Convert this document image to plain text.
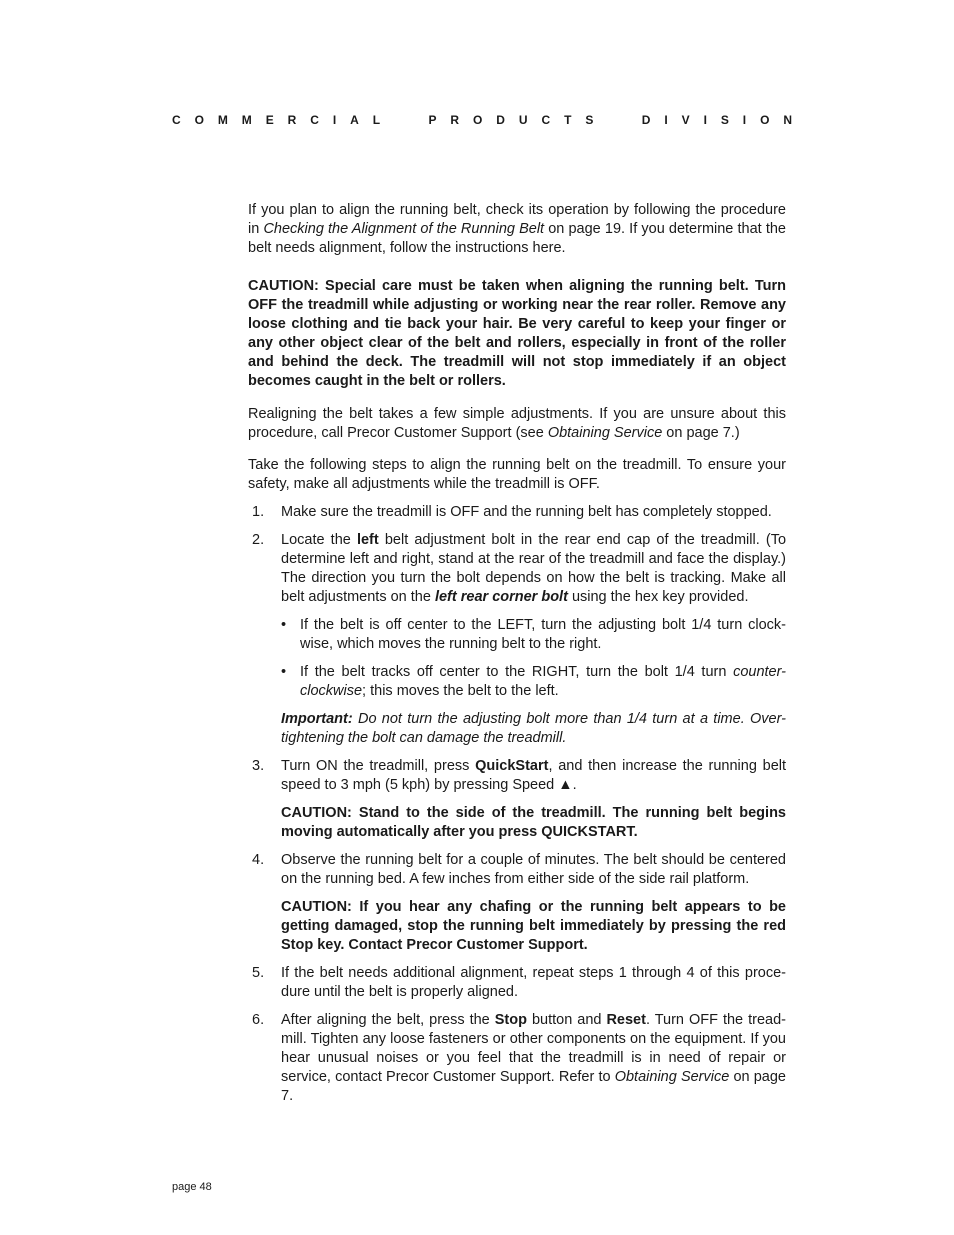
C O M M E R C I A L

	P R O D U C T S

	D I V I S I O N

If you plan to align the running belt, check its operation by following the procedure in Checking the Alignment of the Running Belt on page 19. If you determine that the belt needs alignment, follow the instructions here.

CAUTION: Special care must be taken when aligning the running belt. Turn OFF the treadmill while adjusting or working near the rear roller. Remove any loose clothing and tie back your hair. Be very careful to keep your finger or any other object clear of the belt and rollers, especially in front of the roller and behind the deck. The treadmill will not stop immediately if an object becomes caught in the belt or rollers.

Realigning the belt takes a few simple adjustments. If you are unsure about this procedure, call Precor Customer Support (see Obtaining Service on page 7.)

Take the following steps to align the running belt on the treadmill. To ensure your safety, make all adjustments while the treadmill is OFF.

1. Make sure the treadmill is OFF and the running belt has completely stopped.

2. Locate the left belt adjustment bolt in the rear end cap of the treadmill. (To determine left and right, stand at the rear of the treadmill and face the display.) The direction you turn the bolt depends on how the belt is tracking. Make all belt adjustments on the left rear corner bolt using the hex key provided.

• If the belt is off center to the LEFT, turn the adjusting bolt 1/4 turn clock-wise, which moves the running belt to the right.

• If the belt tracks off center to the RIGHT, turn the bolt 1/4 turn counter-clockwise; this moves the belt to the left.

Important: Do not turn the adjusting bolt more than 1/4 turn at a time. Over-tightening the bolt can damage the treadmill.

3. Turn ON the treadmill, press QuickStart, and then increase the running belt speed to 3 mph (5 kph) by pressing Speed ▲.

CAUTION: Stand to the side of the treadmill. The running belt begins moving automatically after you press QUICKSTART.

4. Observe the running belt for a couple of minutes. The belt should be centered on the running bed. A few inches from either side of the side rail platform.

CAUTION: If you hear any chafing or the running belt appears to be getting damaged, stop the running belt immediately by pressing the red Stop key. Contact Precor Customer Support.

5. If the belt needs additional alignment, repeat steps 1 through 4 of this proce-dure until the belt is properly aligned.

6. After aligning the belt, press the Stop button and Reset. Turn OFF the tread-mill. Tighten any loose fasteners or other components on the equipment. If you hear unusual noises or you feel that the treadmill is in need of repair or service, contact Precor Customer Support. Refer to Obtaining Service on page 7.

page 48
